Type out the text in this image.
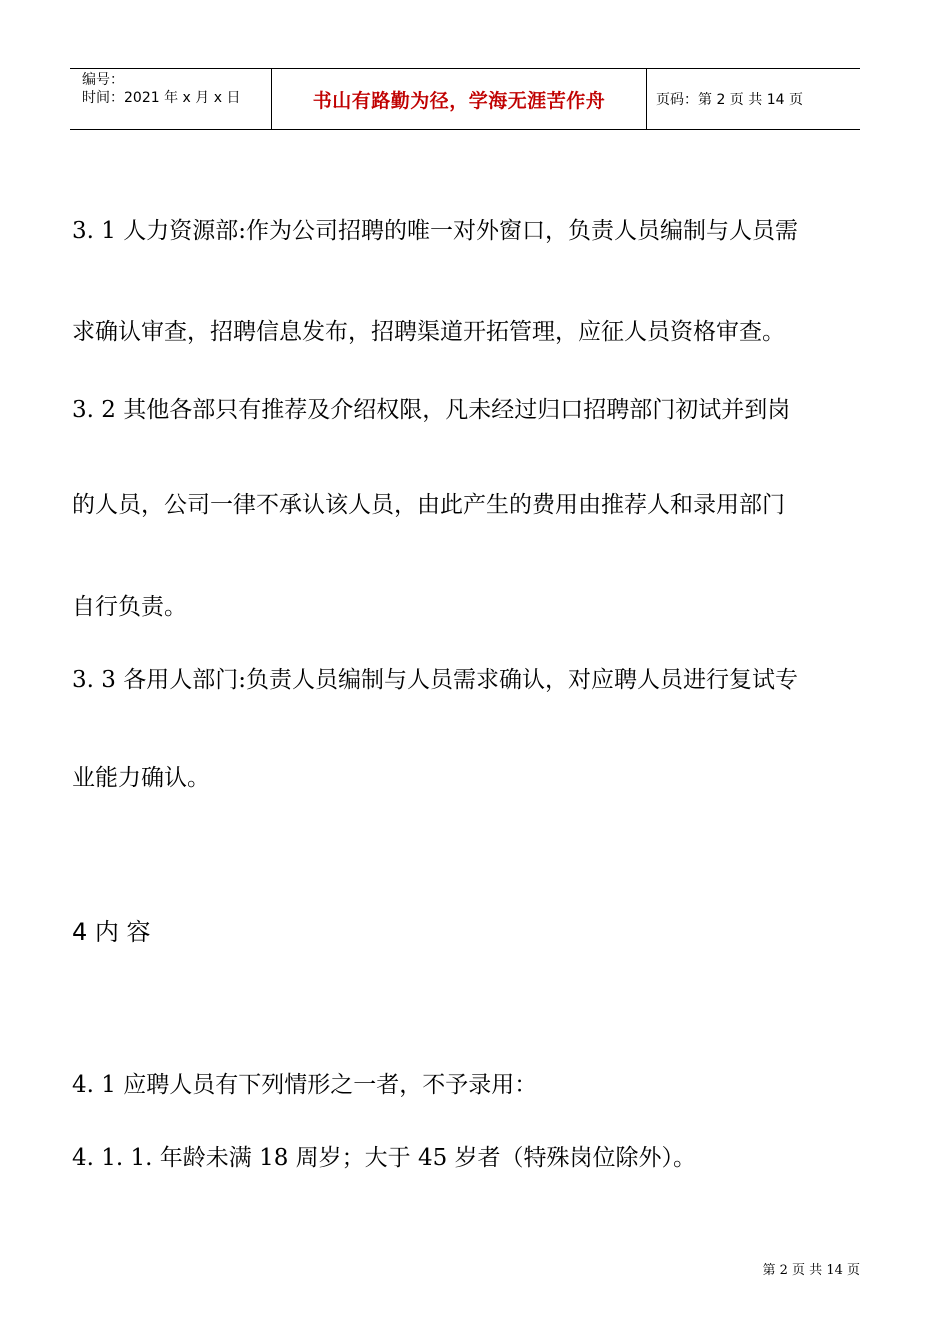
编号：
时间：2021 年 x 月 x 日	书山有路勤为径，学海无涯苦作舟	页码：第 2 页 共 14 页
3. 1 人力资源部:作为公司招聘的唯一对外窗口，负责人员编制与人员需
求确认审查，招聘信息发布，招聘渠道开拓管理，应征人员资格审查。
3. 2 其他各部只有推荐及介绍权限，凡未经过归口招聘部门初试并到岗
的人员，公司一律不承认该人员，由此产生的费用由推荐人和录用部门
自行负责。
3. 3 各用人部门:负责人员编制与人员需求确认，对应聘人员进行复试专
业能力确认。
4 内 容
4. 1 应聘人员有下列情形之一者，不予录用：
4. 1. 1. 年龄未满 18 周岁；大于 45 岁者（特殊岗位除外）。
第 2 页 共 14 页
